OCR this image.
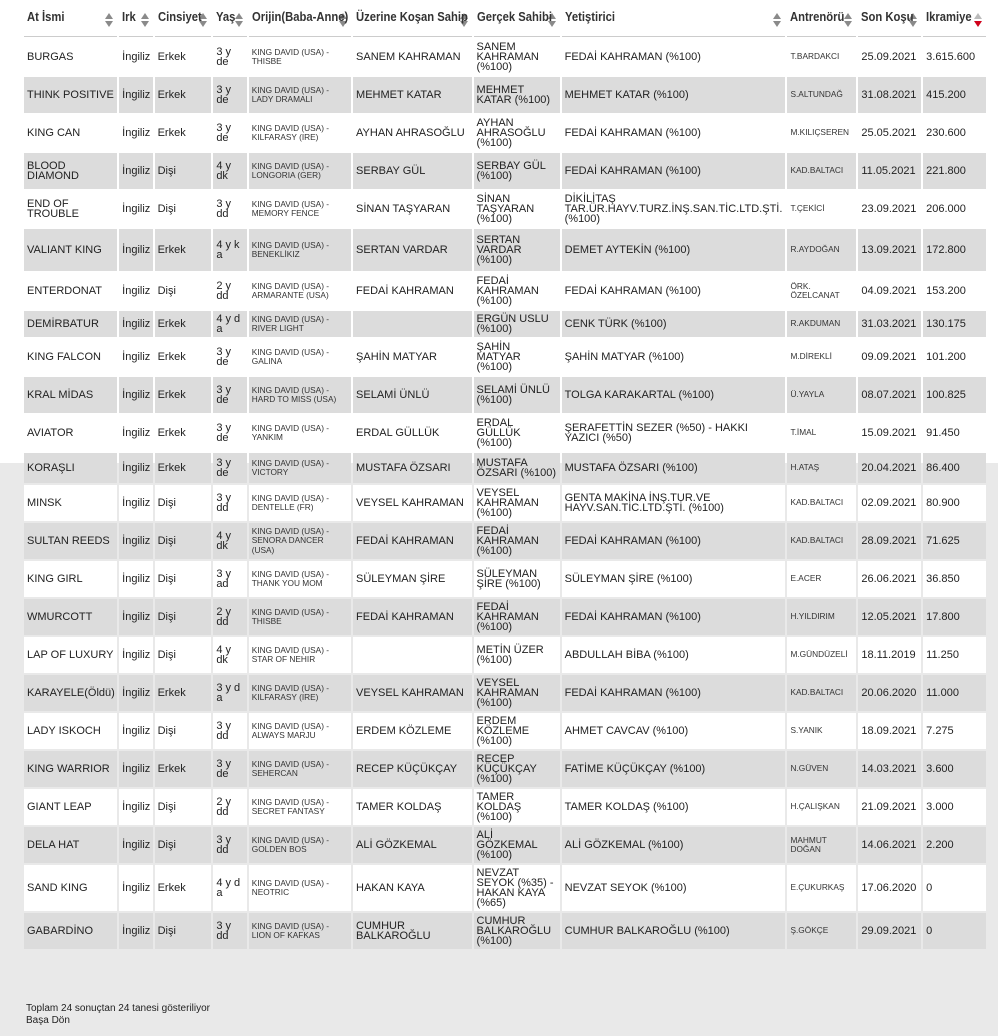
At İsmi	Irk	Cinsiyet	Yaş	Orijin(Baba-Anne)	Üzerine Koşan Sahip	Gerçek Sahibi	Yetiştirici	Antrenörü	Son Koşu	Ikramiye
BURGAS	İngiliz	Erkek	3 y de	KING DAVID (USA) - THISBE	SANEM KAHRAMAN	SANEM KAHRAMAN (%100)	FEDAİ KAHRAMAN (%100)	T.BARDAKCI	25.09.2021	3.615.600
THINK POSITIVE	İngiliz	Erkek	3 y de	KING DAVID (USA) - LADY DRAMALI	MEHMET KATAR	MEHMET KATAR (%100)	MEHMET KATAR (%100)	S.ALTUNDAĞ	31.08.2021	415.200
KING CAN	İngiliz	Erkek	3 y de	KING DAVID (USA) - KILFARASY (IRE)	AYHAN AHRASOĞLU	AYHAN AHRASOĞLU (%100)	FEDAİ KAHRAMAN (%100)	M.KILIÇSEREN	25.05.2021	230.600
BLOOD DIAMOND	İngiliz	Dişi	4 y dk	KING DAVID (USA) - LONGORIA (GER)	SERBAY GÜL	SERBAY GÜL (%100)	FEDAİ KAHRAMAN (%100)	KAD.BALTACI	11.05.2021	221.800
END OF TROUBLE	İngiliz	Dişi	3 y dd	KING DAVID (USA) - MEMORY FENCE	SİNAN TAŞYARAN	SİNAN TAŞYARAN (%100)	DİKİLİTAŞ TAR.ÜR.HAYV.TURZ.İNŞ.SAN.TİC.LTD.ŞTİ. (%100)	T.ÇEKİCİ	23.09.2021	206.000
VALIANT KING	İngiliz	Erkek	4 y k a	KING DAVID (USA) - BENEKLİKIZ	SERTAN VARDAR	SERTAN VARDAR (%100)	DEMET AYTEKİN (%100)	R.AYDOĞAN	13.09.2021	172.800
ENTERDONAT	İngiliz	Dişi	2 y dd	KING DAVID (USA) - ARMARANTE (USA)	FEDAİ KAHRAMAN	FEDAİ KAHRAMAN (%100)	FEDAİ KAHRAMAN (%100)	ÖRK. ÖZELCANAT	04.09.2021	153.200
DEMİRBATUR	İngiliz	Erkek	4 y d a	KING DAVID (USA) - RIVER LIGHT		ERGÜN USLU (%100)	CENK TÜRK (%100)	R.AKDUMAN	31.03.2021	130.175
KING FALCON	İngiliz	Erkek	3 y de	KING DAVID (USA) - GALINA	ŞAHİN MATYAR	ŞAHİN MATYAR (%100)	ŞAHİN MATYAR (%100)	M.DİREKLİ	09.09.2021	101.200
KRAL MİDAS	İngiliz	Erkek	3 y de	KING DAVID (USA) - HARD TO MISS (USA)	SELAMİ ÜNLÜ	SELAMİ ÜNLÜ (%100)	TOLGA KARAKARTAL (%100)	Ü.YAYLA	08.07.2021	100.825
AVIATOR	İngiliz	Erkek	3 y de	KING DAVID (USA) - YANKIM	ERDAL GÜLLÜK	ERDAL GÜLLÜK (%100)	ŞERAFETTİN SEZER (%50) - HAKKI YAZICI (%50)	T.İMAL	15.09.2021	91.450
KORAŞLI	İngiliz	Erkek	3 y de	KING DAVID (USA) - VICTORY	MUSTAFA ÖZSARI	MUSTAFA ÖZSARI (%100)	MUSTAFA ÖZSARI (%100)	H.ATAŞ	20.04.2021	86.400
MINSK	İngiliz	Dişi	3 y dd	KING DAVID (USA) - DENTELLE (FR)	VEYSEL KAHRAMAN	VEYSEL KAHRAMAN (%100)	GENTA MAKİNA İNŞ.TUR.VE HAYV.SAN.TİC.LTD.ŞTİ. (%100)	KAD.BALTACI	02.09.2021	80.900
SULTAN REEDS	İngiliz	Dişi	4 y dk	KING DAVID (USA) - SENORA DANCER (USA)	FEDAİ KAHRAMAN	FEDAİ KAHRAMAN (%100)	FEDAİ KAHRAMAN (%100)	KAD.BALTACI	28.09.2021	71.625
KING GIRL	İngiliz	Dişi	3 y ad	KING DAVID (USA) - THANK YOU MOM	SÜLEYMAN ŞİRE	SÜLEYMAN ŞİRE (%100)	SÜLEYMAN ŞİRE (%100)	E.ACER	26.06.2021	36.850
WMURCOTT	İngiliz	Dişi	2 y dd	KING DAVID (USA) - THISBE	FEDAİ KAHRAMAN	FEDAİ KAHRAMAN (%100)	FEDAİ KAHRAMAN (%100)	H.YILDIRIM	12.05.2021	17.800
LAP OF LUXURY	İngiliz	Dişi	4 y dk	KING DAVID (USA) - STAR OF NEHIR		METİN ÜZER (%100)	ABDULLAH BİBA (%100)	M.GÜNDÜZELİ	18.11.2019	11.250
KARAYELE(Öldü)	İngiliz	Erkek	3 y d a	KING DAVID (USA) - KILFARASY (IRE)	VEYSEL KAHRAMAN	VEYSEL KAHRAMAN (%100)	FEDAİ KAHRAMAN (%100)	KAD.BALTACI	20.06.2020	11.000
LADY ISKOCH	İngiliz	Dişi	3 y dd	KING DAVID (USA) - ALWAYS MARJU	ERDEM KÖZLEME	ERDEM KÖZLEME (%100)	AHMET CAVCAV (%100)	S.YANIK	18.09.2021	7.275
KING WARRIOR	İngiliz	Erkek	3 y de	KING DAVID (USA) - SEHERCAN	RECEP KÜÇÜKÇAY	RECEP KÜÇÜKÇAY (%100)	FATİME KÜÇÜKÇAY (%100)	N.GÜVEN	14.03.2021	3.600
GIANT LEAP	İngiliz	Dişi	2 y dd	KING DAVID (USA) - SECRET FANTASY	TAMER KOLDAŞ	TAMER KOLDAŞ (%100)	TAMER KOLDAŞ (%100)	H.ÇALIŞKAN	21.09.2021	3.000
DELA HAT	İngiliz	Dişi	3 y dd	KING DAVID (USA) - GOLDEN BOS	ALİ GÖZKEMAL	ALİ GÖZKEMAL (%100)	ALİ GÖZKEMAL (%100)	MAHMUT DOĞAN	14.06.2021	2.200
SAND KING	İngiliz	Erkek	4 y d a	KING DAVID (USA) - NEOTRIC	HAKAN KAYA	NEVZAT SEYOK (%35) - HAKAN KAYA (%65)	NEVZAT SEYOK (%100)	E.ÇUKURKAŞ	17.06.2020	0
GABARDİNO	İngiliz	Dişi	3 y dd	KING DAVID (USA) - LION OF KAFKAS	CUMHUR BALKAROĞLU	CUMHUR BALKAROĞLU (%100)	CUMHUR BALKAROĞLU (%100)	Ş.GÖKÇE	29.09.2021	0
Toplam 24 sonuçtan 24 tanesi gösteriliyor
Başa Dön
